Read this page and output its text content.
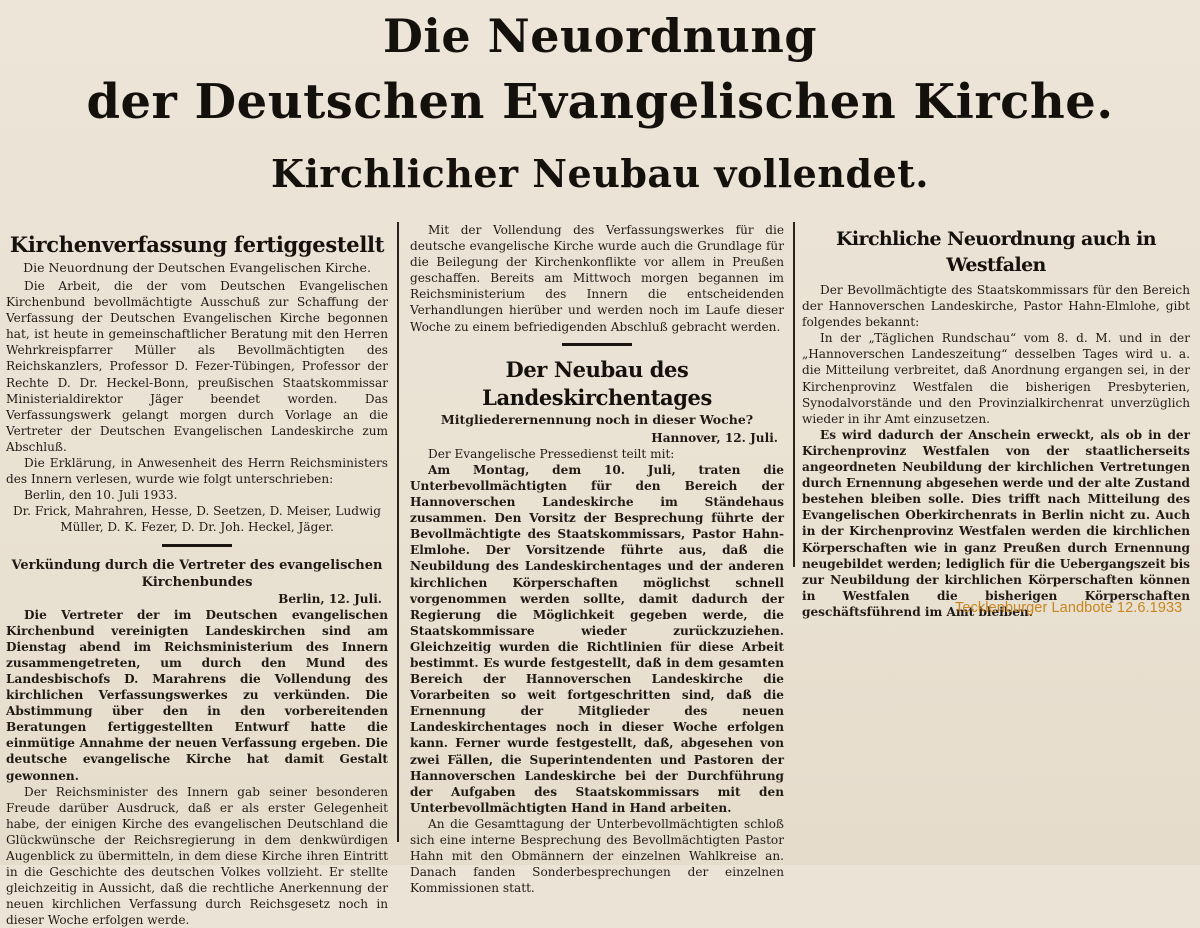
Die Neuordnung
der Deutschen Evangelischen Kirche.
Kirchlicher Neubau vollendet.
Kirchenverfassung fertiggestellt
Die Neuordnung der Deutschen Evangelischen Kirche.

Die Arbeit, die der vom Deutschen Evangelischen Kirchenbund bevollmächtigte Ausschuß zur Schaffung der Verfassung der Deutschen Evangelischen Kirche begonnen hat, ist heute in gemeinschaftlicher Beratung mit den Herren Wehrkreispfarrer Müller als Bevollmächtigten des Reichskanzlers, Professor D. Fezer-Tübingen, Professor der Rechte D. Dr. Heckel-Bonn, preußischen Staatskommissar Ministerialdirektor Jäger beendet worden. Das Verfassungswerk gelangt morgen durch Vorlage an die Vertreter der Deutschen Evangelischen Landeskirche zum Abschluß.

Die Erklärung, in Anwesenheit des Herrn Reichsministers des Innern verlesen, wurde wie folgt unterschrieben:

Berlin, den 10. Juli 1933.

Dr. Frick, Mahrahren, Hesse, D. Seetzen, D. Meiser, Ludwig Müller, D. K. Fezer, D. Dr. Joh. Heckel, Jäger.

Verkündung durch die Vertreter des evangelischen Kirchenbundes
Berlin, 12. Juli.

Die Vertreter der im Deutschen evangelischen Kirchenbund vereinigten Landeskirchen sind am Dienstag abend im Reichsministerium des Innern zusammengetreten, um durch den Mund des Landesbischofs D. Marahrens die Vollendung des kirchlichen Verfassungswerkes zu verkünden. Die Abstimmung über den in den vorbereitenden Beratungen fertiggestellten Entwurf hatte die einmütige Annahme der neuen Verfassung ergeben. Die deutsche evangelische Kirche hat damit Gestalt gewonnen.

Der Reichsminister des Innern gab seiner besonderen Freude darüber Ausdruck, daß er als erster Gelegenheit habe, der einigen Kirche des evangelischen Deutschland die Glückwünsche der Reichsregierung in dem denkwürdigen Augenblick zu übermitteln, in dem diese Kirche ihren Eintritt in die Geschichte des deutschen Volkes vollzieht. Er stellte gleichzeitig in Aussicht, daß die rechtliche Anerkennung der neuen kirchlichen Verfassung durch Reichsgesetz noch in dieser Woche erfolgen werde.

Mit der Vollendung des Verfassungswerkes für die deutsche evangelische Kirche wurde auch die Grundlage für die Beilegung der Kirchenkonflikte vor allem in Preußen geschaffen. Bereits am Mittwoch morgen begannen im Reichsministerium des Innern die entscheidenden Verhandlungen hierüber und werden noch im Laufe dieser Woche zu einem befriedigenden Abschluß gebracht werden.

Der Neubau des Landeskirchentages
Mitgliederernennung noch in dieser Woche?
Hannover, 12. Juli.

Der Evangelische Pressedienst teilt mit:

Am Montag, dem 10. Juli, traten die Unterbevollmächtigten für den Bereich der Hannoverschen Landeskirche im Ständehaus zusammen. Den Vorsitz der Besprechung führte der Bevollmächtigte des Staatskommissars, Pastor Hahn-Elmlohe. Der Vorsitzende führte aus, daß die Neubildung des Landeskirchentages und der anderen kirchlichen Körperschaften möglichst schnell vorgenommen werden sollte, damit dadurch der Regierung die Möglichkeit gegeben werde, die Staatskommissare wieder zurückzuziehen. Gleichzeitig wurden die Richtlinien für diese Arbeit bestimmt. Es wurde festgestellt, daß in dem gesamten Bereich der Hannoverschen Landeskirche die Vorarbeiten so weit fortgeschritten sind, daß die Ernennung der Mitglieder des neuen Landeskirchentages noch in dieser Woche erfolgen kann. Ferner wurde festgestellt, daß, abgesehen von zwei Fällen, die Superintendenten und Pastoren der Hannoverschen Landeskirche bei der Durchführung der Aufgaben des Staatskommissars mit den Unterbevollmächtigten Hand in Hand arbeiten.

An die Gesamttagung der Unterbevollmächtigten schloß sich eine interne Besprechung des Bevollmächtigten Pastor Hahn mit den Obmännern der einzelnen Wahlkreise an. Danach fanden Sonderbesprechungen der einzelnen Kommissionen statt.

Kirchliche Neuordnung auch in Westfalen

Der Bevollmächtigte des Staatskommissars für den Bereich der Hannoverschen Landeskirche, Pastor Hahn-Elmlohe, gibt folgendes bekannt:

In der „Täglichen Rundschau“ vom 8. d. M. und in der „Hannoverschen Landeszeitung“ desselben Tages wird u. a. die Mitteilung verbreitet, daß Anordnung ergangen sei, in der Kirchenprovinz Westfalen die bisherigen Presbyterien, Synodalvorstände und den Provinzialkirchenrat unverzüglich wieder in ihr Amt einzusetzen.

Es wird dadurch der Anschein erweckt, als ob in der Kirchenprovinz Westfalen von der staatlicherseits angeordneten Neubildung der kirchlichen Vertretungen durch Ernennung abgesehen werde und der alte Zustand bestehen bleiben solle. Dies trifft nach Mitteilung des Evangelischen Oberkirchenrats in Berlin nicht zu. Auch in der Kirchenprovinz Westfalen werden die kirchlichen Körperschaften wie in ganz Preußen durch Ernennung neugebildet werden; lediglich für die Uebergangszeit bis zur Neubildung der kirchlichen Körperschaften können in Westfalen die bisherigen Körperschaften geschäftsführend im Amt bleiben.

Tecklenburger Landbote 12.6.1933
